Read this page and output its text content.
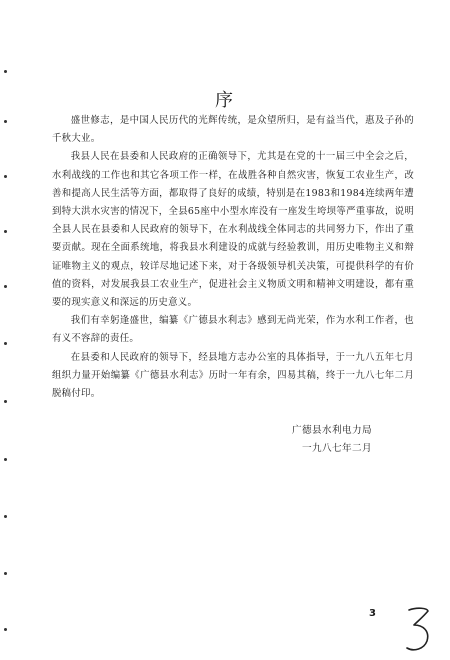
序

盛世修志，是中国人民历代的光辉传统，是众望所归，是有益当代，惠及子孙的千秋大业。

我县人民在县委和人民政府的正确领导下，尤其是在党的十一届三中全会之后，水利战线的工作也和其它各项工作一样，在战胜各种自然灾害，恢复工农业生产，改善和提高人民生活等方面，都取得了良好的成绩，特别是在1983和1984连续两年遭到特大洪水灾害的情况下，全县65座中小型水库没有一座发生垮坝等严重事故，说明全县人民在县委和人民政府的领导下，在水利战线全体同志的共同努力下，作出了重要贡献。现在全面系统地，将我县水利建设的成就与经验教训，用历史唯物主义和辩证唯物主义的观点，较详尽地记述下来，对于各级领导机关决策，可提供科学的有价值的资料，对发展我县工农业生产，促进社会主义物质文明和精神文明建设，都有重要的现实意义和深远的历史意义。

我们有幸躬逢盛世，编纂《广德县水利志》感到无尚光荣，作为水利工作者，也有义不容辞的责任。

在县委和人民政府的领导下，经县地方志办公室的具体指导，于一九八五年七月组织力量开始编纂《广德县水利志》历时一年有余，四易其稿，终于一九八七年二月脱稿付印。

广德县水利电力局
一九八七年二月
3
